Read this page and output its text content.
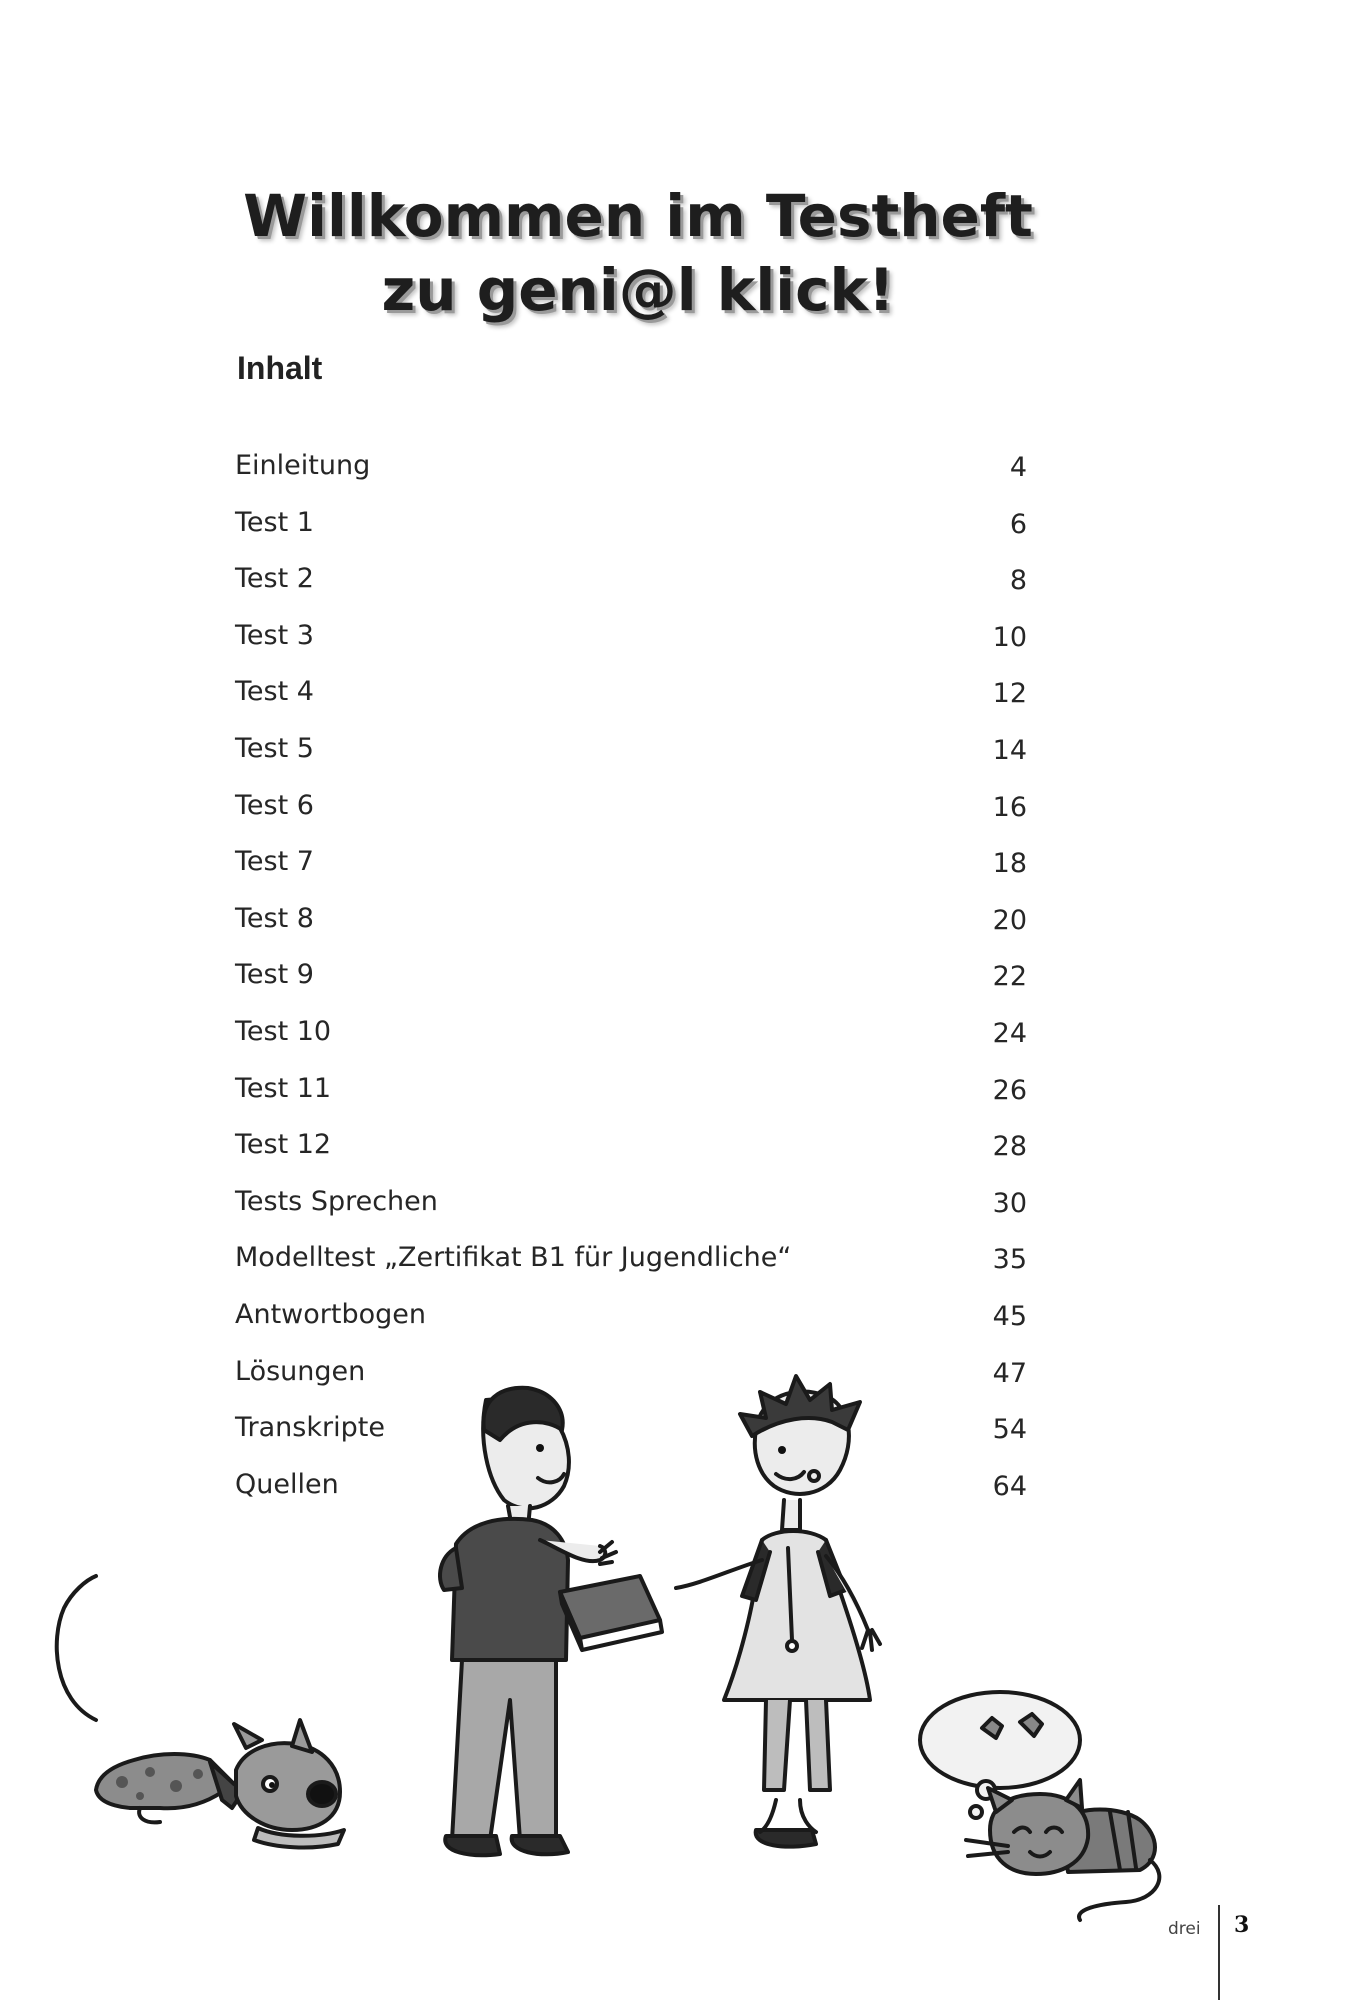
Willkommen im Testheft
zu geni@l klick!
Inhalt
Einleitung	4
Test 1	6
Test 2	8
Test 3	10
Test 4	12
Test 5	14
Test 6	16
Test 7	18
Test 8	20
Test 9	22
Test 10	24
Test 11	26
Test 12	28
Tests Sprechen	30
Modelltest „Zertifikat B1 für Jugendliche“	35
Antwortbogen	45
Lösungen	47
Transkripte	54
Quellen	64
drei 3
